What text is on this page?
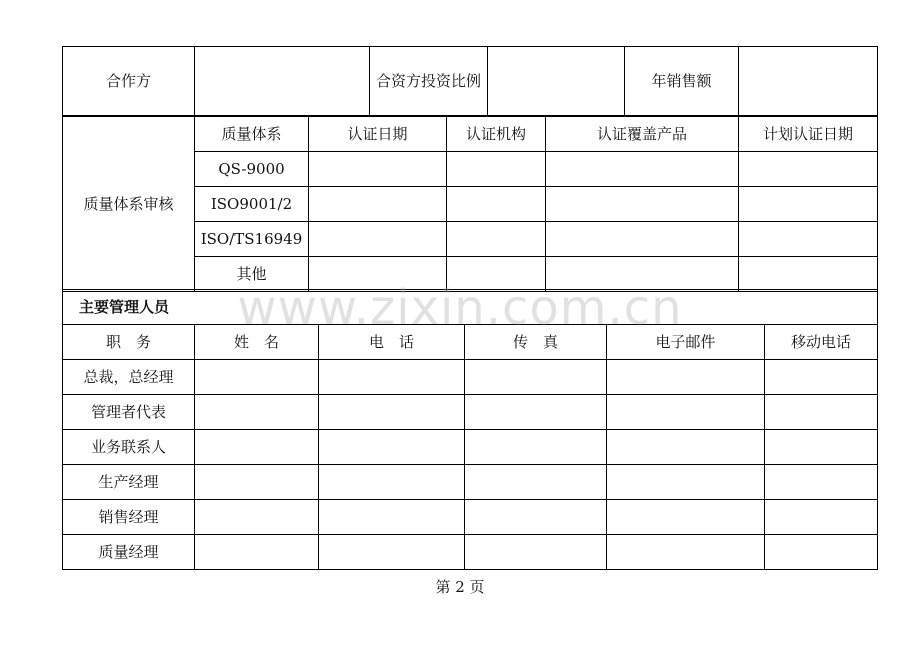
合作方		合资方投资比例		年销售额	
质量体系审核	质量体系	认证日期	认证机构	认证覆盖产品	计划认证日期
	QS-9000				
	ISO9001/2				
	ISO/TS16949				
	其他				
主要管理人员					
职　务	姓　名	电　话	传　真	电子邮件	移动电话
总裁，总经理					
管理者代表					
业务联系人					
生产经理					
销售经理					
质量经理					
www.zixin.com.cn
第 2 页
